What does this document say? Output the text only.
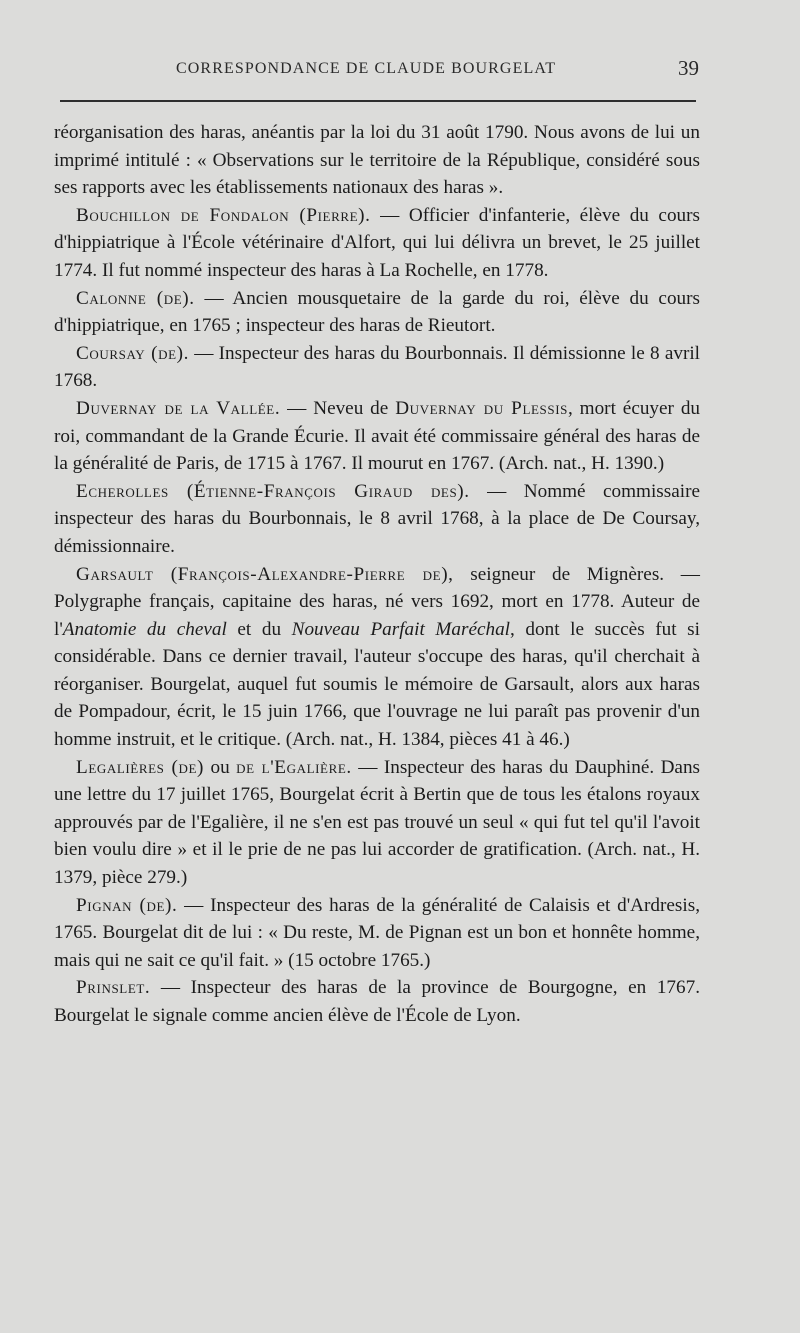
CORRESPONDANCE DE CLAUDE BOURGELAT	39

réorganisation des haras, anéantis par la loi du 31 août 1790. Nous avons de lui un imprimé intitulé : « Observations sur le territoire de la République, considéré sous ses rapports avec les établissements nationaux des haras ».

Bouchillon de Fondalon (Pierre). — Officier d'infanterie, élève du cours d'hippiatrique à l'École vétérinaire d'Alfort, qui lui délivra un brevet, le 25 juillet 1774. Il fut nommé inspecteur des haras à La Rochelle, en 1778.

Calonne (de). — Ancien mousquetaire de la garde du roi, élève du cours d'hippiatrique, en 1765 ; inspecteur des haras de Rieutort.

Coursay (de). — Inspecteur des haras du Bourbonnais. Il démissionne le 8 avril 1768.

Duvernay de la Vallée. — Neveu de Duvernay du Plessis, mort écuyer du roi, commandant de la Grande Écurie. Il avait été commissaire général des haras de la généralité de Paris, de 1715 à 1767. Il mourut en 1767. (Arch. nat., H. 1390.)

Echerolles (Étienne-François Giraud des). — Nommé commissaire inspecteur des haras du Bourbonnais, le 8 avril 1768, à la place de De Coursay, démissionnaire.

Garsault (François-Alexandre-Pierre de), seigneur de Mignères. — Polygraphe français, capitaine des haras, né vers 1692, mort en 1778. Auteur de l'Anatomie du cheval et du Nouveau Parfait Maréchal, dont le succès fut si considérable. Dans ce dernier travail, l'auteur s'occupe des haras, qu'il cherchait à réorganiser. Bourgelat, auquel fut soumis le mémoire de Garsault, alors aux haras de Pompadour, écrit, le 15 juin 1766, que l'ouvrage ne lui paraît pas provenir d'un homme instruit, et le critique. (Arch. nat., H. 1384, pièces 41 à 46.)

Legalières (de) ou de l'Egalière. — Inspecteur des haras du Dauphiné. Dans une lettre du 17 juillet 1765, Bourgelat écrit à Bertin que de tous les étalons royaux approuvés par de l'Egalière, il ne s'en est pas trouvé un seul « qui fut tel qu'il l'avoit bien voulu dire » et il le prie de ne pas lui accorder de gratification. (Arch. nat., H. 1379, pièce 279.)

Pignan (de). — Inspecteur des haras de la généralité de Calaisis et d'Ardresis, 1765. Bourgelat dit de lui : « Du reste, M. de Pignan est un bon et honnête homme, mais qui ne sait ce qu'il fait. » (15 octobre 1765.)

Prinslet. — Inspecteur des haras de la province de Bourgogne, en 1767. Bourgelat le signale comme ancien élève de l'École de Lyon.
